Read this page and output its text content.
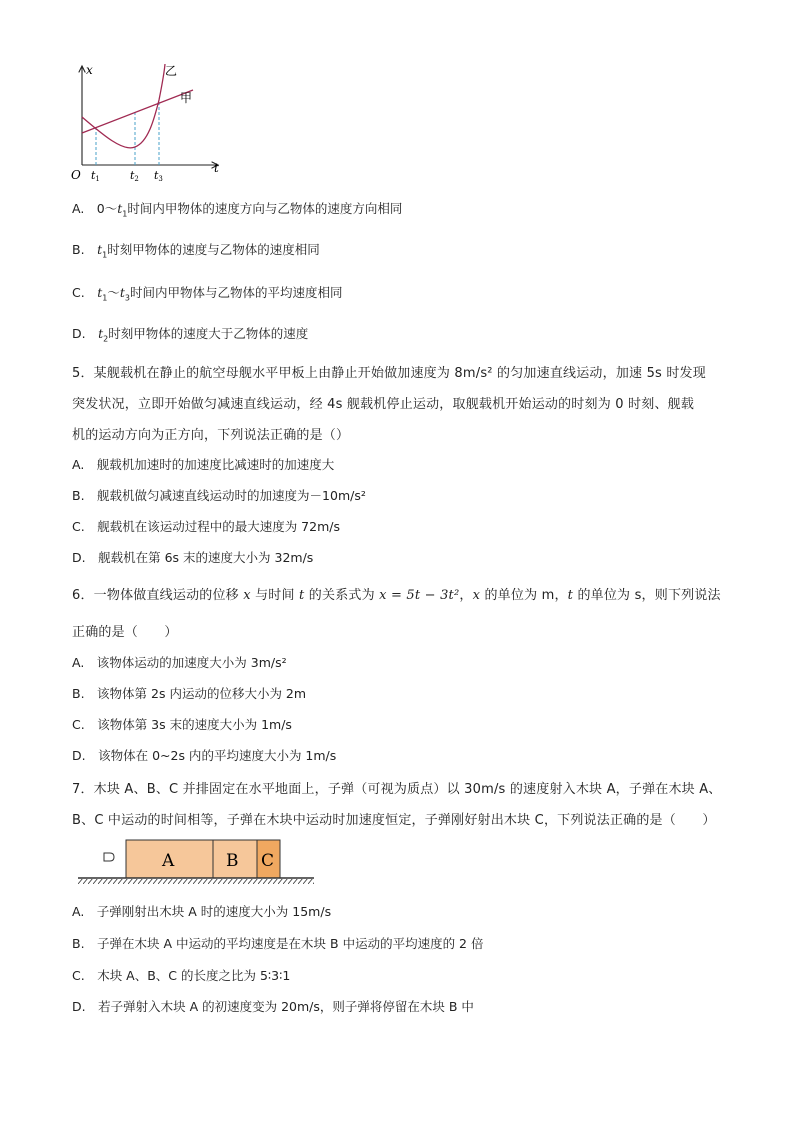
x
t
O t1	t2 t3
甲
乙
A.　$0\sim t_1$时间内甲物体的速度方向与乙物体的速度方向相同
B.　$t_1$时刻甲物体的速度与乙物体的速度相同
C.　$t_1\sim t_3$时间内甲物体与乙物体的平均速度相同
D.　$t_2$时刻甲物体的速度大于乙物体的速度
5．某舰载机在静止的航空母舰水平甲板上由静止开始做加速度为 8m/s² 的匀加速直线运动，加速 5s 时发现
突发状况，立即开始做匀减速直线运动，经 4s 舰载机停止运动，取舰载机开始运动的时刻为 0 时刻、舰载
机的运动方向为正方向，下列说法正确的是（）
A.　舰载机加速时的加速度比减速时的加速度大
B.　舰载机做匀减速直线运动时的加速度为－10m/s²
C.　舰载机在该运动过程中的最大速度为 72m/s
D.　舰载机在第 6s 末的速度大小为 32m/s
6．一物体做直线运动的位移 x 与时间 t 的关系式为 x = 5t − 3t²，x 的单位为 m，t 的单位为 s，则下列说法
正确的是（　　）
A.　该物体运动的加速度大小为 3m/s²
B.　该物体第 2s 内运动的位移大小为 2m
C.　该物体第 3s 末的速度大小为 1m/s
D.　该物体在 0~2s 内的平均速度大小为 1m/s
7．木块 A、B、C 并排固定在水平地面上，子弹（可视为质点）以 30m/s 的速度射入木块 A，子弹在木块 A、
B、C 中运动的时间相等，子弹在木块中运动时加速度恒定，子弹刚好射出木块 C，下列说法正确的是（　　）
A	B C
A.　子弹刚射出木块 A 时的速度大小为 15m/s
B.　子弹在木块 A 中运动的平均速度是在木块 B 中运动的平均速度的 2 倍
C.　木块 A、B、C 的长度之比为 5∶3∶1
D.　若子弹射入木块 A 的初速度变为 20m/s，则子弹将停留在木块 B 中
